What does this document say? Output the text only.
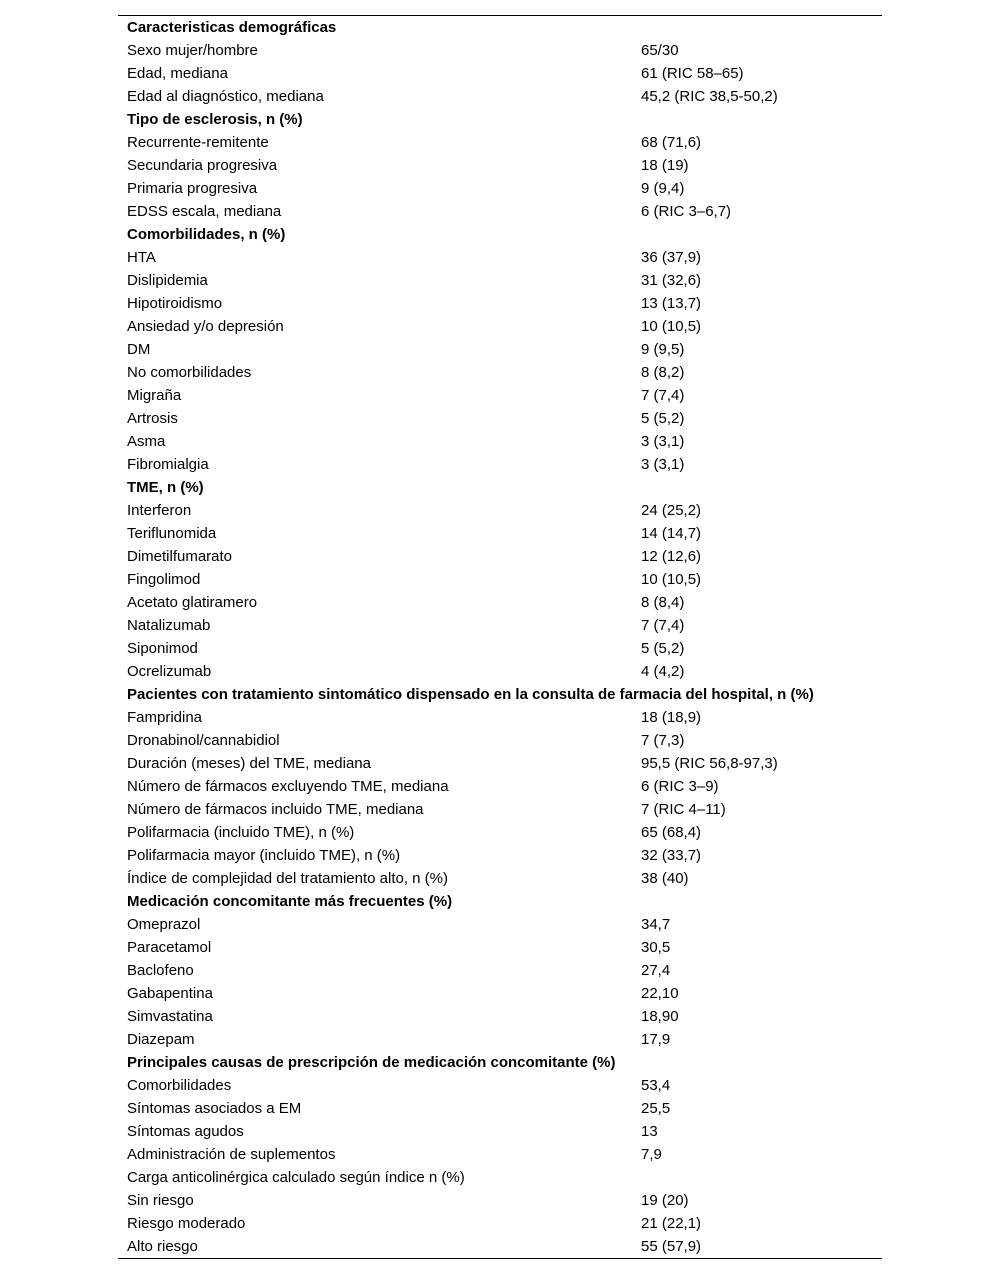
Caracteristicas demográficas	
Sexo mujer/hombre	65/30
Edad, mediana	61 (RIC 58–65)
Edad al diagnóstico, mediana	45,2 (RIC 38,5-50,2)
Tipo de esclerosis, n (%)	
Recurrente-remitente	68 (71,6)
Secundaria progresiva	18 (19)
Primaria progresiva	9 (9,4)
EDSS escala, mediana	6 (RIC 3–6,7)
Comorbilidades, n (%)	
HTA	36 (37,9)
Dislipidemia	31 (32,6)
Hipotiroidismo	13 (13,7)
Ansiedad y/o depresión	10 (10,5)
DM	9 (9,5)
No comorbilidades	8 (8,2)
Migraña	7 (7,4)
Artrosis	5 (5,2)
Asma	3 (3,1)
Fibromialgia	3 (3,1)
TME, n (%)	
Interferon	24 (25,2)
Teriflunomida	14 (14,7)
Dimetilfumarato	12 (12,6)
Fingolimod	10 (10,5)
Acetato glatiramero	8 (8,4)
Natalizumab	7 (7,4)
Siponimod	5 (5,2)
Ocrelizumab	4 (4,2)
Pacientes con tratamiento sintomático dispensado en la consulta de farmacia del hospital, n (%)	
Fampridina	18 (18,9)
Dronabinol/cannabidiol	7 (7,3)
Duración (meses) del TME, mediana	95,5 (RIC 56,8-97,3)
Número de fármacos excluyendo TME, mediana	6 (RIC 3–9)
Número de fármacos incluido TME, mediana	7 (RIC 4–11)
Polifarmacia (incluido TME), n (%)	65 (68,4)
Polifarmacia mayor (incluido TME), n (%)	32 (33,7)
Índice de complejidad del tratamiento alto, n (%)	38 (40)
Medicación concomitante más frecuentes (%)	
Omeprazol	34,7
Paracetamol	30,5
Baclofeno	27,4
Gabapentina	22,10
Simvastatina	18,90
Diazepam	17,9
Principales causas de prescripción de medicación concomitante (%)	
Comorbilidades	53,4
Síntomas asociados a EM	25,5
Síntomas agudos	13
Administración de suplementos	7,9
Carga anticolinérgica calculado según índice n (%)	
Sin riesgo	19 (20)
Riesgo moderado	21 (22,1)
Alto riesgo	55 (57,9)
